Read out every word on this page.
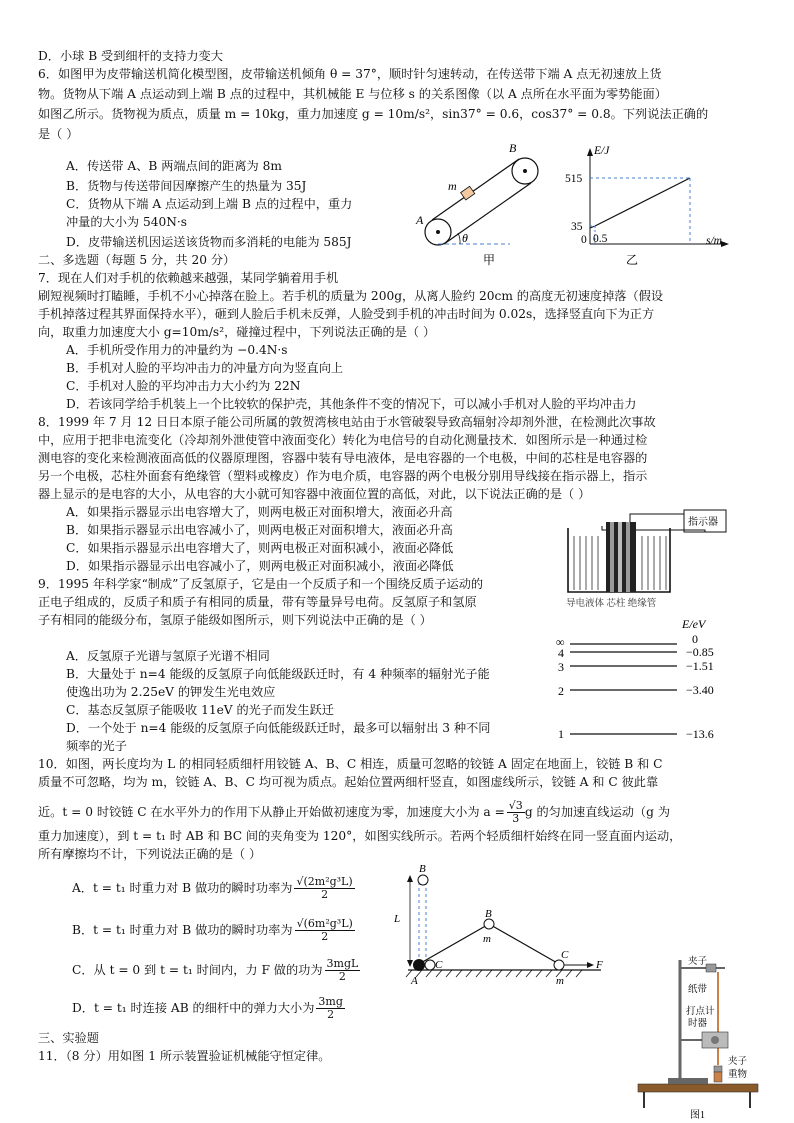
D．小球 B 受到细杆的支持力变大
6．如图甲为皮带输送机简化模型图，皮带输送机倾角 θ = 37°，顺时针匀速转动，在传送带下端 A 点无初速放上货
物。货物从下端 A 点运动到上端 B 点的过程中，其机械能 E 与位移 s 的关系图像（以 A 点所在水平面为零势能面）
如图乙所示。货物视为质点，质量 m = 10kg，重力加速度 g = 10m/s²，sin37° = 0.6，cos37° = 0.8。下列说法正确的
是（ ）
A．传送带 A、B 两端点间的距离为 8m
B．货物与传送带间因摩擦产生的热量为 35J
C．货物从下端 A 点运动到上端 B 点的过程中，重力
冲量的大小为 540N·s
D．皮带输送机因运送该货物而多消耗的电能为 585J
B
m
A
θ
甲
E/J
515
35
0 0.5	s/m
乙
二、多选题（每题 5 分，共 20 分）
7．现在人们对手机的依赖越来越强，某同学躺着用手机
刷短视频时打瞌睡，手机不小心掉落在脸上。若手机的质量为 200g，从离人脸约 20cm 的高度无初速度掉落（假设
手机掉落过程其界面保持水平），砸到人脸后手机未反弹，人脸受到手机的冲击时间为 0.02s，选择竖直向下为正方
向，取重力加速度大小 g=10m/s²，碰撞过程中，下列说法正确的是（ ）
A．手机所受作用力的冲量约为 −0.4N·s
B．手机对人脸的平均冲击力的冲量方向为竖直向上
C．手机对人脸的平均冲击力大小约为 22N
D．若该同学给手机装上一个比较软的保护壳，其他条件不变的情况下，可以减小手机对人脸的平均冲击力
8．1999 年 7 月 12 日日本原子能公司所属的敦贺湾核电站由于水管破裂导致高辐射冷却剂外泄，在检测此次事故
中，应用于把非电流变化（冷却剂外泄使管中液面变化）转化为电信号的自动化测量技术．如图所示是一种通过检
测电容的变化来检测液面高低的仪器原理图，容器中装有导电液体，是电容器的一个电极，中间的芯柱是电容器的
另一个电极，芯柱外面套有绝缘管（塑料或橡皮）作为电介质，电容器的两个电极分别用导线接在指示器上，指示
器上显示的是电容的大小，从电容的大小就可知容器中液面位置的高低，对此，以下说法正确的是（ ）
A．如果指示器显示出电容增大了，则两电极正对面积增大，液面必升高
B．如果指示器显示出电容减小了，则两电极正对面积增大，液面必升高
C．如果指示器显示出电容增大了，则两电极正对面积减小，液面必降低
D．如果指示器显示出电容减小了，则两电极正对面积减小，液面必降低
指示器
导电液体 芯柱 绝缘管
9．1995 年科学家“制成”了反氢原子，它是由一个反质子和一个围绕反质子运动的
正电子组成的，反质子和质子有相同的质量，带有等量异号电荷。反氢原子和氢原
子有相同的能级分布，氢原子能级如图所示，则下列说法中正确的是（ ）
A．反氢原子光谱与氢原子光谱不相同
B．大量处于 n=4 能级的反氢原子向低能级跃迁时，有 4 种频率的辐射光子能
使逸出功为 2.25eV 的钾发生光电效应
C．基态反氢原子能吸收 11eV 的光子而发生跃迁
D．一个处于 n=4 能级的反氢原子向低能级跃迁时，最多可以辐射出 3 种不同
频率的光子
E/eV
∞
4
3
2
1
0
−0.85
−1.51
−3.40
−13.6
10．如图，两长度均为 L 的相同轻质细杆用铰链 A、B、C 相连，质量可忽略的铰链 A 固定在地面上，铰链 B 和 C
质量不可忽略，均为 m，铰链 A、B、C 均可视为质点。起始位置两细杆竖直，如图虚线所示，铰链 A 和 C 彼此靠
近。t = 0 时铰链 C 在水平外力的作用下从静止开始做初速度为零，加速度大小为 $a = \frac{√3}{3}$ g 的匀加速直线运动（g 为
重力加速度），到 t = t₁ 时 AB 和 BC 间的夹角变为 120°，如图实线所示。若两个轻质细杆始终在同一竖直面内运动，
所有摩擦均不计，下列说法正确的是（ ）
A．t = t₁ 时重力对 B 做功的瞬时功率为 $\frac{\text{√(2m²g³L)}}{2}$
B．t = t₁ 时重力对 B 做功的瞬时功率为 $\frac{\text{√(6m²g³L)}}{2}$
C．从 t = 0 到 t = t₁ 时间内，力 F 做的功为 $\frac{\text{3mgL}}{2}$
D．t = t₁ 时连接 AB 的细杆中的弹力大小为 $\frac{3mg}{2}$
B
L	B
m
C
A
C
m
F
三、实验题
11．（8 分）用如图 1 所示装置验证机械能守恒定律。
夹子
纸带
打点计
时器
夹子
重物
图1
